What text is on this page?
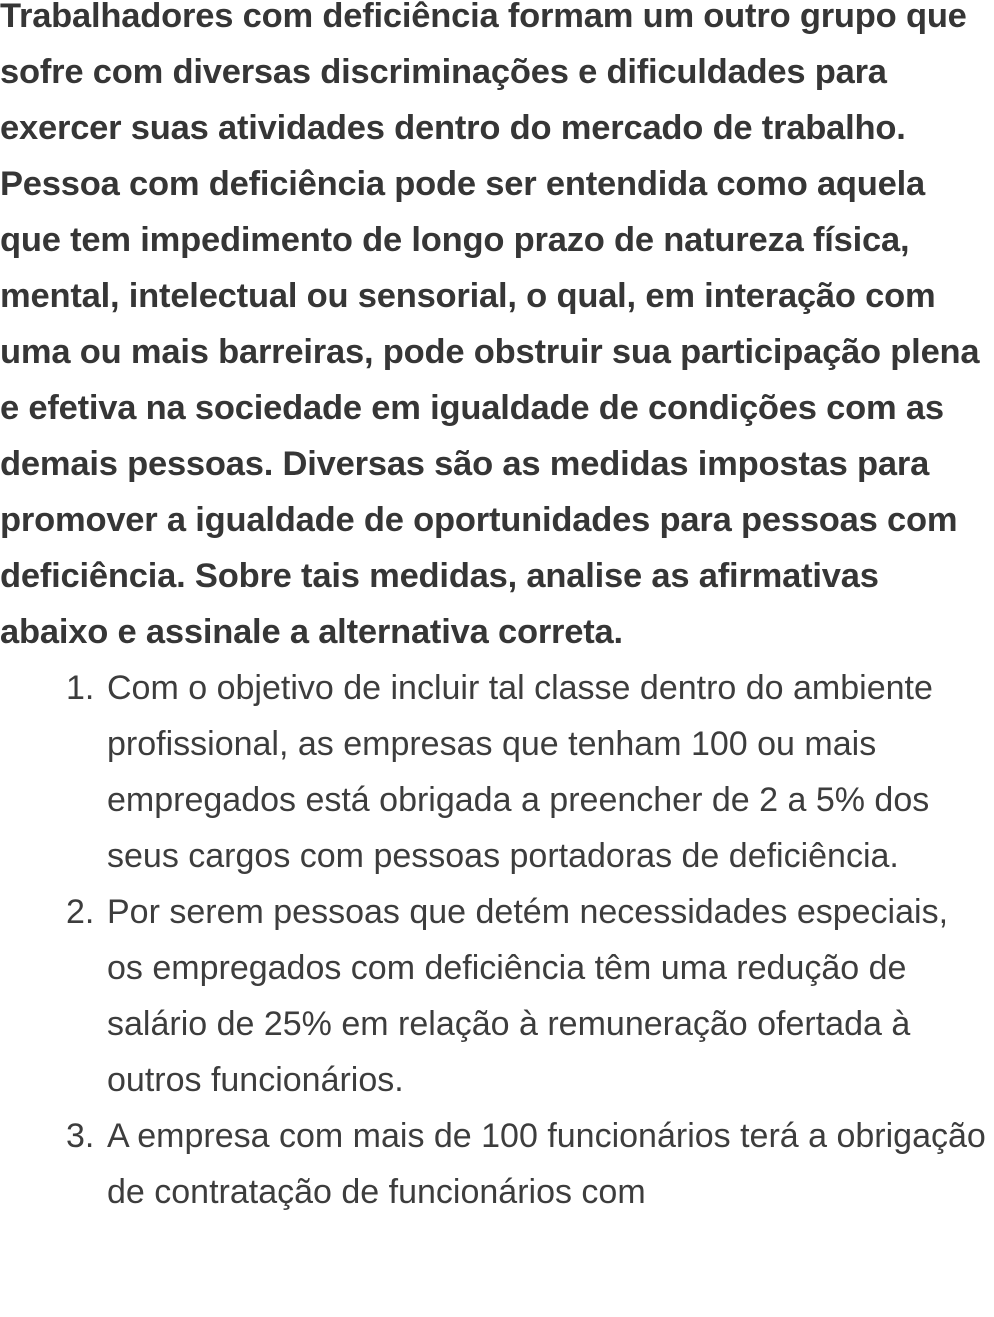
Trabalhadores com deficiência formam um outro grupo que sofre com diversas discriminações e dificuldades para exercer suas atividades dentro do mercado de trabalho. Pessoa com deficiência pode ser entendida como aquela que tem impedimento de longo prazo de natureza física, mental, intelectual ou sensorial, o qual, em interação com uma ou mais barreiras, pode obstruir sua participação plena e efetiva na sociedade em igualdade de condições com as demais pessoas. Diversas são as medidas impostas para promover a igualdade de oportunidades para pessoas com deficiência. Sobre tais medidas, analise as afirmativas abaixo e assinale a alternativa correta.

1. Com o objetivo de incluir tal classe dentro do ambiente profissional, as empresas que tenham 100 ou mais empregados está obrigada a preencher de 2 a 5% dos seus cargos com pessoas portadoras de deficiência.
2. Por serem pessoas que detém necessidades especiais, os empregados com deficiência têm uma redução de salário de 25% em relação à remuneração ofertada à outros funcionários.
3. A empresa com mais de 100 funcionários terá a obrigação de contratação de funcionários com
